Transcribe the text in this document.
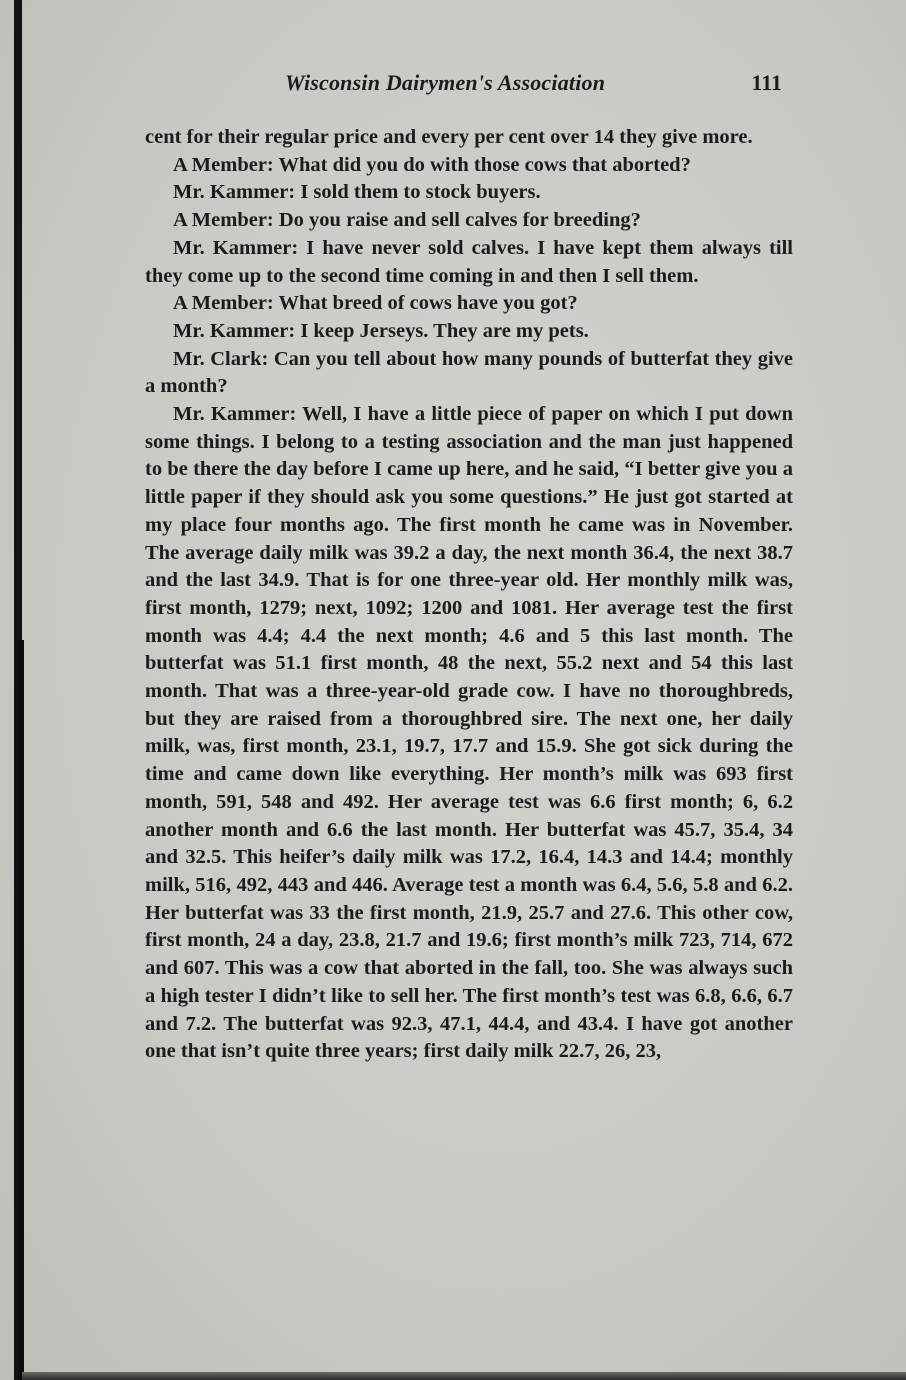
Wisconsin Dairymen's Association	111

cent for their regular price and every per cent over 14 they give more.

A Member: What did you do with those cows that aborted?

Mr. Kammer: I sold them to stock buyers.

A Member: Do you raise and sell calves for breeding?

Mr. Kammer: I have never sold calves. I have kept them always till they come up to the second time coming in and then I sell them.

A Member: What breed of cows have you got?

Mr. Kammer: I keep Jerseys. They are my pets.

Mr. Clark: Can you tell about how many pounds of butterfat they give a month?

Mr. Kammer: Well, I have a little piece of paper on which I put down some things. I belong to a testing association and the man just happened to be there the day before I came up here, and he said, “I better give you a little paper if they should ask you some questions.” He just got started at my place four months ago. The first month he came was in November. The average daily milk was 39.2 a day, the next month 36.4, the next 38.7 and the last 34.9. That is for one three-year old. Her monthly milk was, first month, 1279; next, 1092; 1200 and 1081. Her average test the first month was 4.4; 4.4 the next month; 4.6 and 5 this last month. The butterfat was 51.1 first month, 48 the next, 55.2 next and 54 this last month. That was a three-year-old grade cow. I have no thoroughbreds, but they are raised from a thoroughbred sire. The next one, her daily milk, was, first month, 23.1, 19.7, 17.7 and 15.9. She got sick during the time and came down like everything. Her month’s milk was 693 first month, 591, 548 and 492. Her average test was 6.6 first month; 6, 6.2 another month and 6.6 the last month. Her butterfat was 45.7, 35.4, 34 and 32.5. This heifer’s daily milk was 17.2, 16.4, 14.3 and 14.4; monthly milk, 516, 492, 443 and 446. Average test a month was 6.4, 5.6, 5.8 and 6.2. Her butterfat was 33 the first month, 21.9, 25.7 and 27.6. This other cow, first month, 24 a day, 23.8, 21.7 and 19.6; first month’s milk 723, 714, 672 and 607. This was a cow that aborted in the fall, too. She was always such a high tester I didn’t like to sell her. The first month’s test was 6.8, 6.6, 6.7 and 7.2. The butterfat was 92.3, 47.1, 44.4, and 43.4. I have got another one that isn’t quite three years; first daily milk 22.7, 26, 23,
